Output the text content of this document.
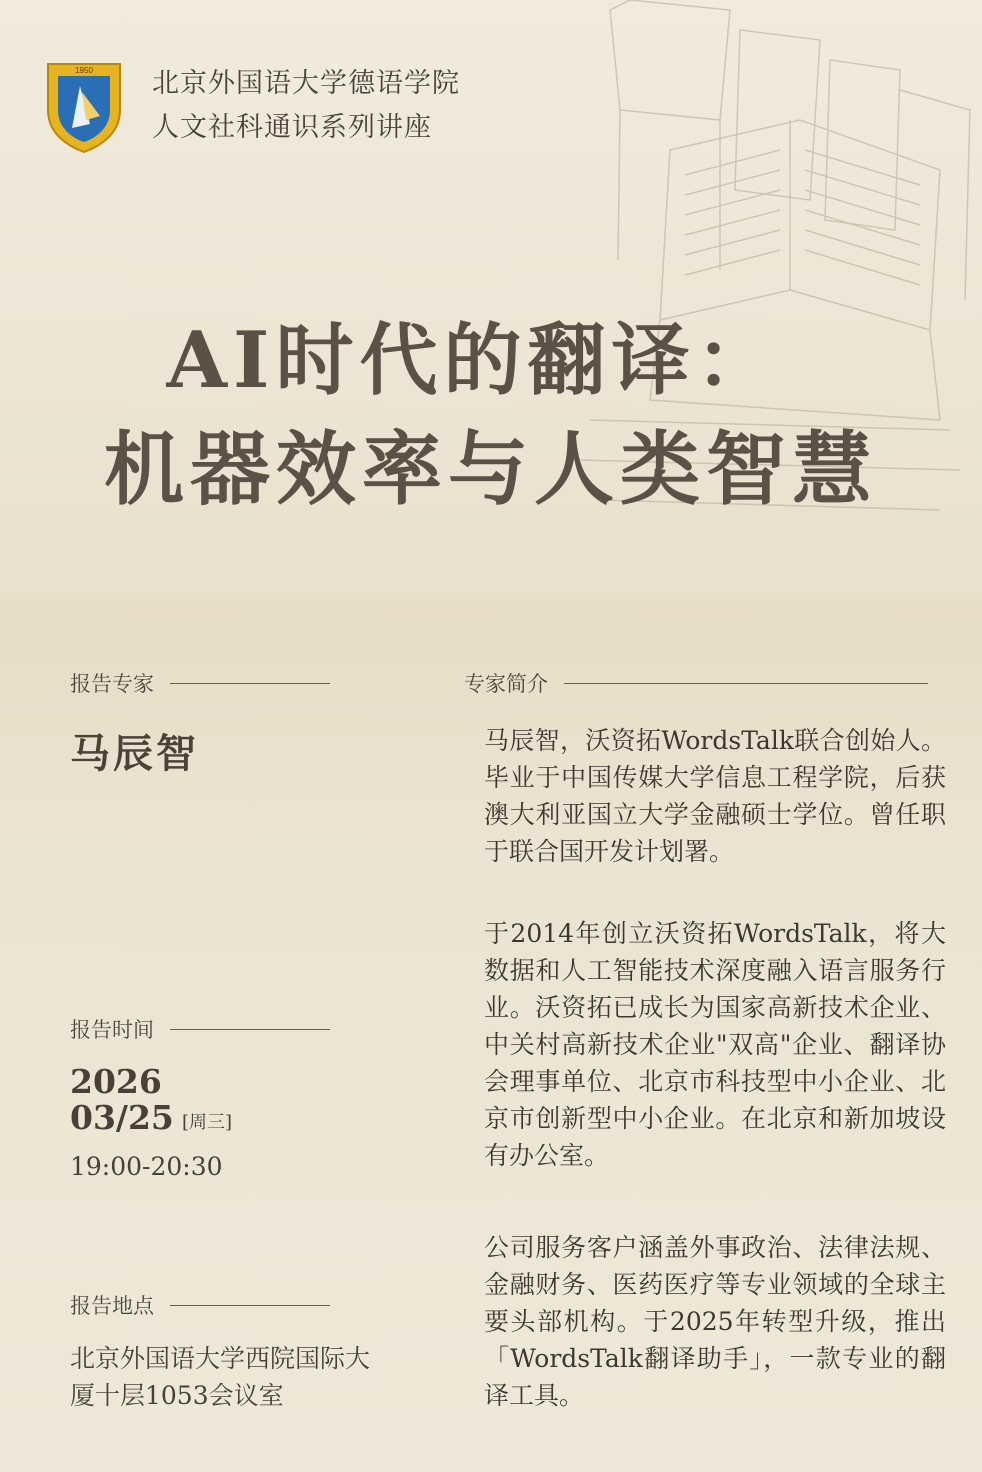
1950 北京外国语大学德语学院
人文社科通识系列讲座
AI时代的翻译：
机器效率与人类智慧
报告专家
马辰智
专家简介
马辰智，沃资拓WordsTalk联合创始人。毕业于中国传媒大学信息工程学院，后获澳大利亚国立大学金融硕士学位。曾任职于联合国开发计划署。
于2014年创立沃资拓WordsTalk，将大数据和人工智能技术深度融入语言服务行业。沃资拓已成长为国家高新技术企业、中关村高新技术企业"双高"企业、翻译协会理事单位、北京市科技型中小企业、北京市创新型中小企业。在北京和新加坡设有办公室。
公司服务客户涵盖外事政治、法律法规、金融财务、医药医疗等专业领域的全球主要头部机构。于2025年转型升级，推出「WordsTalk翻译助手」，一款专业的翻译工具。
报告时间
2026
03/25 [周三]
19:00-20:30
报告地点
北京外国语大学西院国际大厦十层1053会议室
